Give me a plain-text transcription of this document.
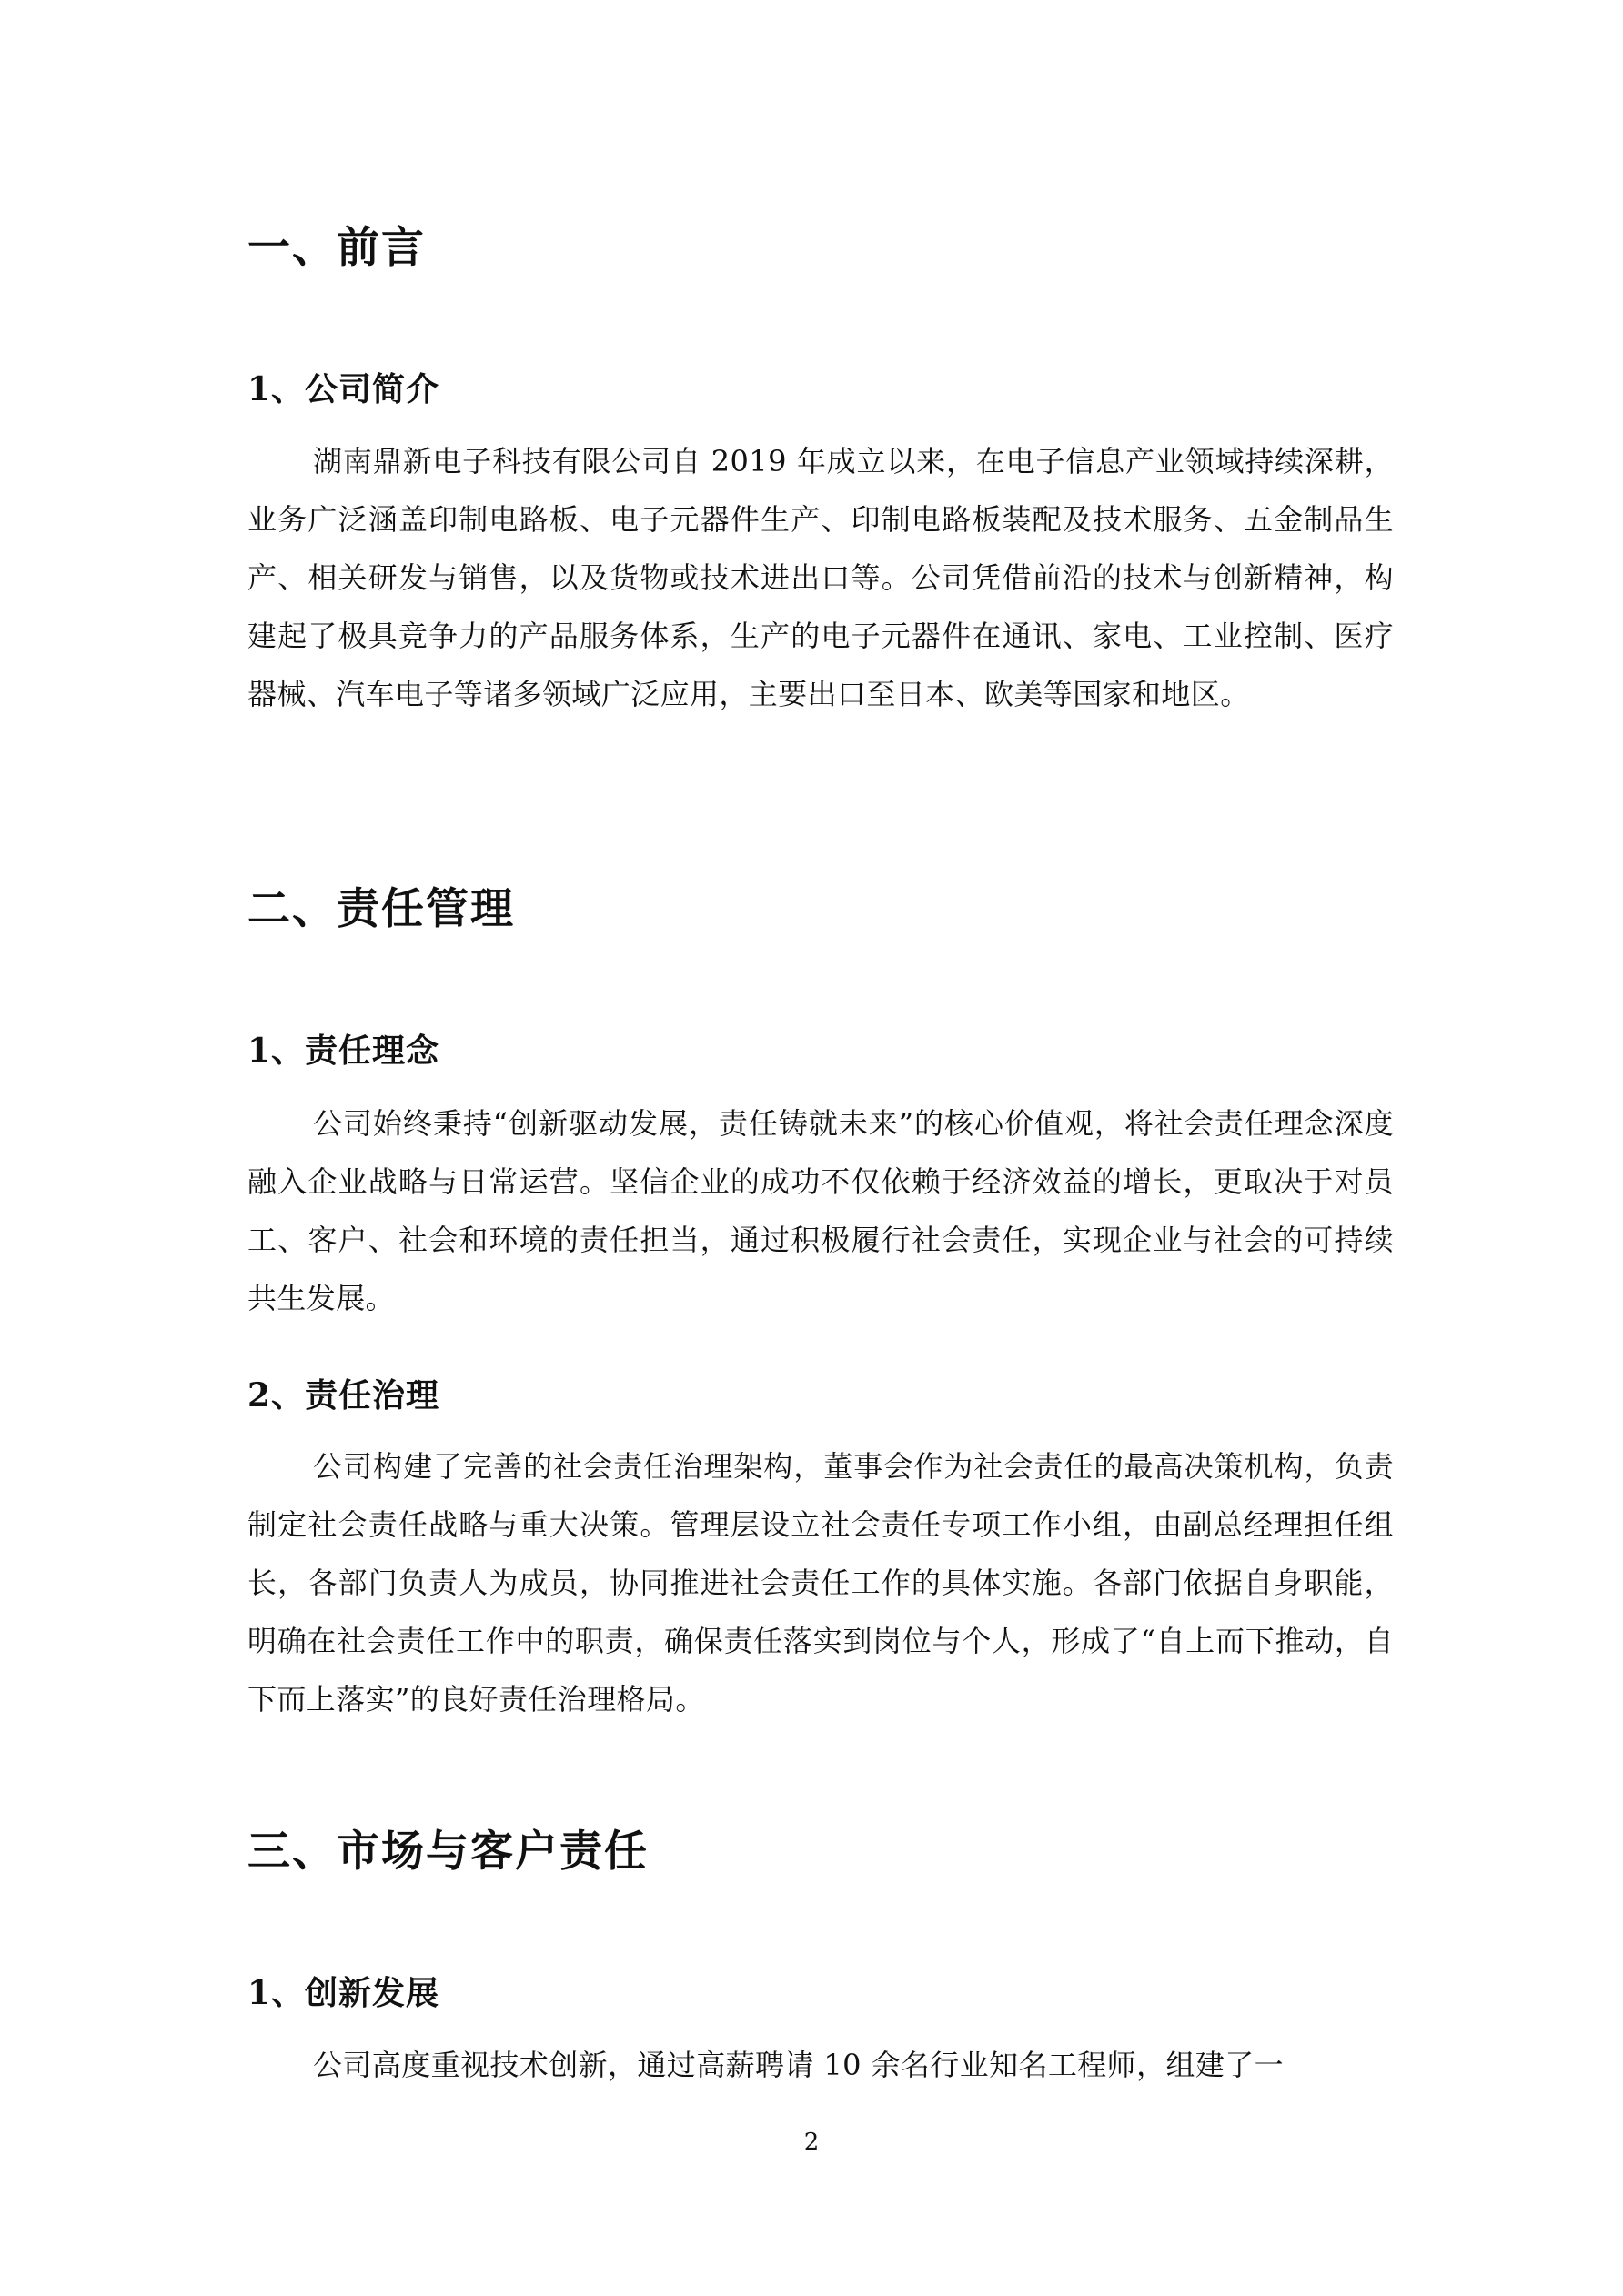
一、前言
1、公司简介

湖南鼎新电子科技有限公司自 2019 年成立以来，在电子信息产业领域持续深耕，业务广泛涵盖印制电路板、电子元器件生产、印制电路板装配及技术服务、五金制品生产、相关研发与销售，以及货物或技术进出口等。公司凭借前沿的技术与创新精神，构建起了极具竞争力的产品服务体系，生产的电子元器件在通讯、家电、工业控制、医疗器械、汽车电子等诸多领域广泛应用，主要出口至日本、欧美等国家和地区。

二、责任管理
1、责任理念

公司始终秉持“创新驱动发展，责任铸就未来”的核心价值观，将社会责任理念深度融入企业战略与日常运营。坚信企业的成功不仅依赖于经济效益的增长，更取决于对员工、客户、社会和环境的责任担当，通过积极履行社会责任，实现企业与社会的可持续共生发展。

2、责任治理

公司构建了完善的社会责任治理架构，董事会作为社会责任的最高决策机构，负责制定社会责任战略与重大决策。管理层设立社会责任专项工作小组，由副总经理担任组长，各部门负责人为成员，协同推进社会责任工作的具体实施。各部门依据自身职能，明确在社会责任工作中的职责，确保责任落实到岗位与个人，形成了“自上而下推动，自下而上落实”的良好责任治理格局。

三、市场与客户责任
1、创新发展

公司高度重视技术创新，通过高薪聘请 10 余名行业知名工程师，组建了一

2
